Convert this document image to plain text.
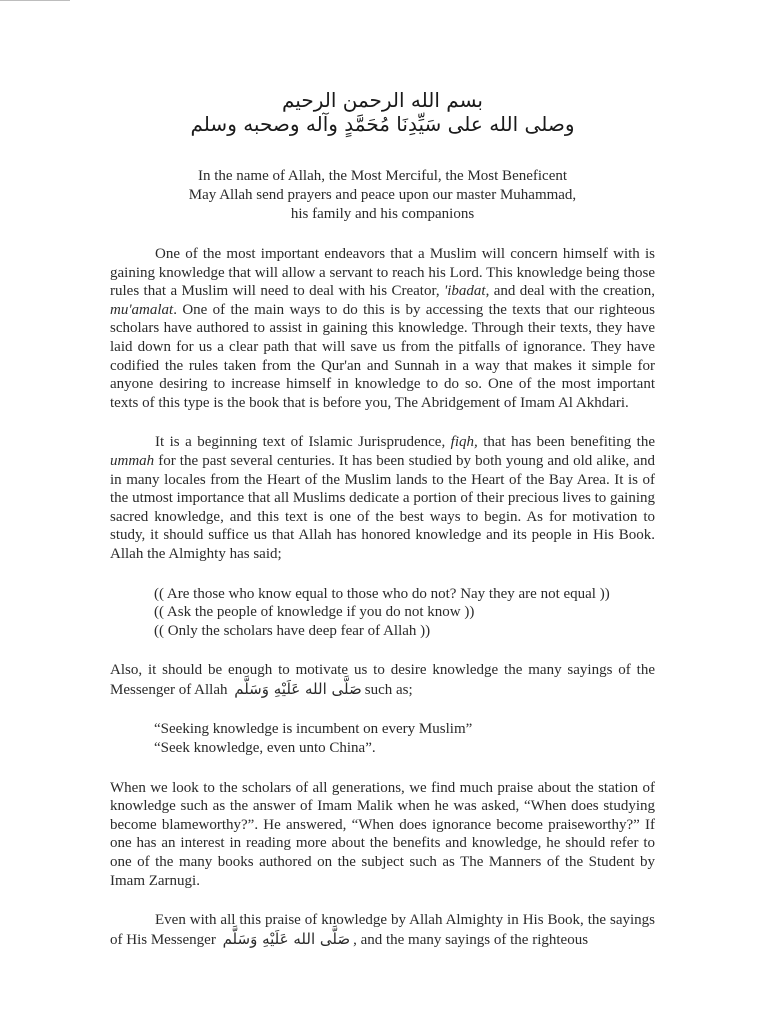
بسم الله الرحمن الرحيم
وصلى الله على سَيِّدِنَا مُحَمَّدٍ وآله وصحبه وسلم
In the name of Allah, the Most Merciful, the Most Beneficent
May Allah send prayers and peace upon our master Muhammad,
his family and his companions

One of the most important endeavors that a Muslim will concern himself with is gaining knowledge that will allow a servant to reach his Lord. This knowledge being those rules that a Muslim will need to deal with his Creator, 'ibadat, and deal with the creation, mu'amalat. One of the main ways to do this is by accessing the texts that our righteous scholars have authored to assist in gaining this knowledge. Through their texts, they have laid down for us a clear path that will save us from the pitfalls of ignorance. They have codified the rules taken from the Qur'an and Sunnah in a way that makes it simple for anyone desiring to increase himself in knowledge to do so. One of the most important texts of this type is the book that is before you, The Abridgement of Imam Al Akhdari.

It is a beginning text of Islamic Jurisprudence, fiqh, that has been benefiting the ummah for the past several centuries. It has been studied by both young and old alike, and in many locales from the Heart of the Muslim lands to the Heart of the Bay Area. It is of the utmost importance that all Muslims dedicate a portion of their precious lives to gaining sacred knowledge, and this text is one of the best ways to begin. As for motivation to study, it should suffice us that Allah has honored knowledge and its people in His Book. Allah the Almighty has said;

(( Are those who know equal to those who do not? Nay they are not equal ))
(( Ask the people of knowledge if you do not know ))
(( Only the scholars have deep fear of Allah ))

Also, it should be enough to motivate us to desire knowledge the many sayings of the Messenger of Allah صَلَّى الله عَلَيْهِ وَسَلَّم such as;

“Seeking knowledge is incumbent on every Muslim”
“Seek knowledge, even unto China”.

When we look to the scholars of all generations, we find much praise about the station of knowledge such as the answer of Imam Malik when he was asked, “When does studying become blameworthy?”. He answered, “When does ignorance become praiseworthy?” If one has an interest in reading more about the benefits and knowledge, he should refer to one of the many books authored on the subject such as The Manners of the Student by Imam Zarnugi.

Even with all this praise of knowledge by Allah Almighty in His Book, the sayings of His Messenger صَلَّى الله عَلَيْهِ وَسَلَّم , and the many sayings of the righteous
